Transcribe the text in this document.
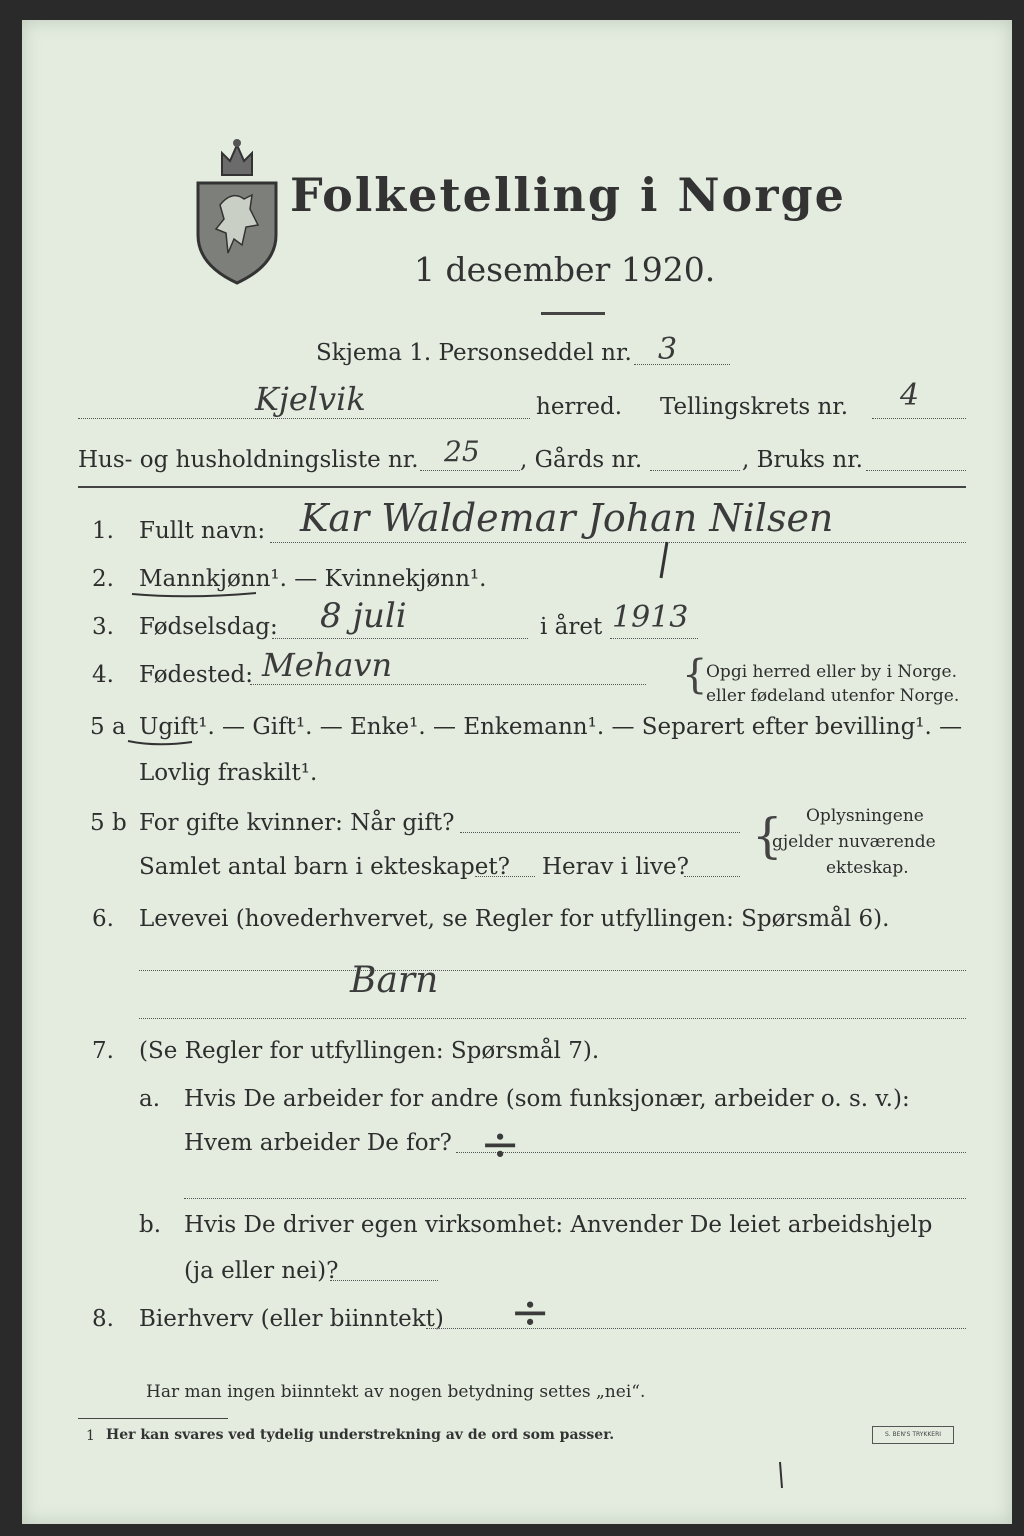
Folketelling i Norge
1 desember 1920.
Skjema 1. Personseddel nr. 3
Kjelvik	herred. Tellingskrets nr. 4
Hus- og husholdningsliste nr. 25 , Gårds nr.	, Bruks nr.
1. Fullt navn: Kar Waldemar Johan Nilsen
2. Mannkjønn¹. — Kvinnekjønn¹.
3. Fødselsdag: 8 juli	i året 1913
4. Fødested: Mehavn	{
Opgi herred eller by i Norge.
eller fødeland utenfor Norge.
5 a Ugift¹. — Gift¹. — Enke¹. — Enkemann¹. — Separert efter bevilling¹. —
Lovlig fraskilt¹.
5 b For gifte kvinner: Når gift?
Samlet antal barn i ekteskapet? Herav i live?
{ Oplysningene
gjelder nuværende
ekteskap.
6. Levevei (hovederhvervet, se Regler for utfyllingen: Spørsmål 6).
Barn
7. (Se Regler for utfyllingen: Spørsmål 7).
a. Hvis De arbeider for andre (som funksjonær, arbeider o. s. v.):
Hvem arbeider De for? ÷
b. Hvis De driver egen virksomhet: Anvender De leiet arbeidshjelp
(ja eller nei)?
8. Bierhverv (eller biinntekt) ÷
Har man ingen biinntekt av nogen betydning settes „nei“.
1 Her kan svares ved tydelig understrekning av de ord som passer.	S. BEN'S TRYKKERI
